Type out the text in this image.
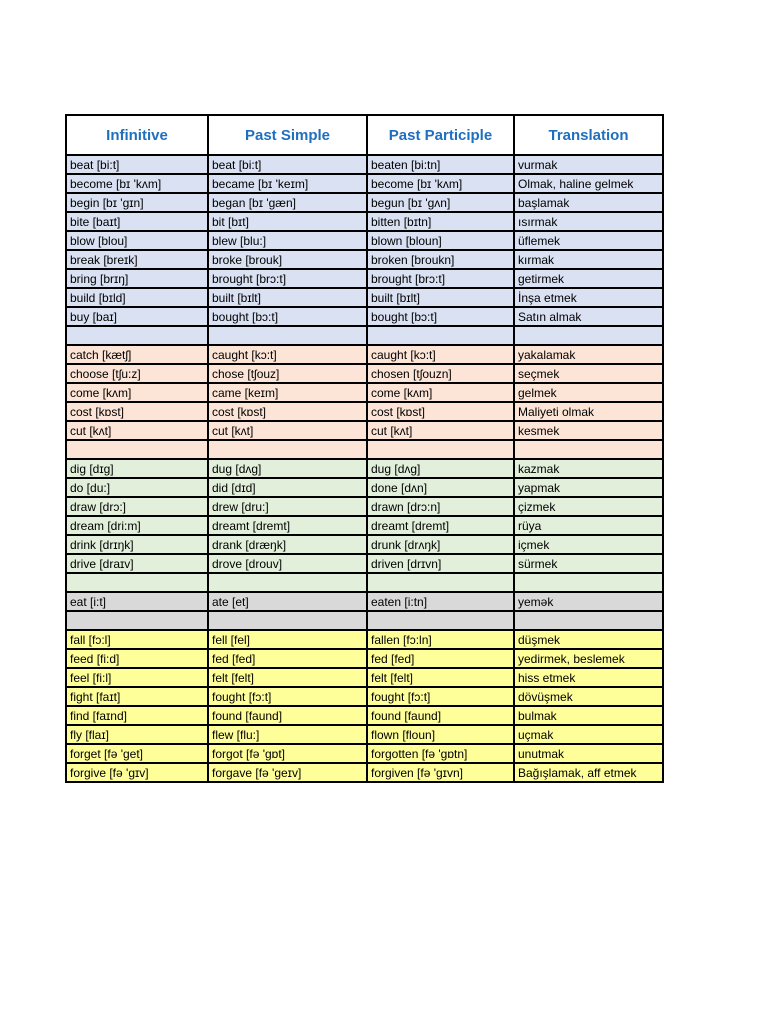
Infinitive	Past Simple	Past Participle	Translation
beat [bi:t]	beat [bi:t]	beaten [bi:tn]	vurmak
become [bɪ 'kʌm]	became [bɪ 'keɪm]	become [bɪ 'kʌm]	Olmak, haline gelmek
begin [bɪ 'gɪn]	began [bɪ 'gæn]	begun [bɪ 'gʌn]	başlamak
bite [baɪt]	bit [bɪt]	bitten [bɪtn]	ısırmak
blow [blou]	blew [blu:]	blown [bloun]	üflemek
break [breɪk]	broke [brouk]	broken [broukn]	kırmak
bring [brɪŋ]	brought [brɔ:t]	brought [brɔ:t]	getirmek
build [bɪld]	built [bɪlt]	built [bɪlt]	İnşa etmek
buy [baɪ]	bought [bɔ:t]	bought [bɔ:t]	Satın almak

catch [kætʃ]	caught [kɔ:t]	caught [kɔ:t]	yakalamak
choose [tʃu:z]	chose [tʃouz]	chosen [tʃouzn]	seçmek
come [kʌm]	came [keɪm]	come [kʌm]	gelmek
cost [kɒst]	cost [kɒst]	cost [kɒst]	Maliyeti olmak
cut [kʌt]	cut [kʌt]	cut [kʌt]	kesmek

dig [dɪg]	dug [dʌg]	dug [dʌg]	kazmak
do [du:]	did [dɪd]	done [dʌn]	yapmak
draw [drɔ:]	drew [dru:]	drawn [drɔ:n]	çizmek
dream [dri:m]	dreamt [dremt]	dreamt [dremt]	rüya
drink [drɪŋk]	drank [dræŋk]	drunk [drʌŋk]	içmek
drive [draɪv]	drove [drouv]	driven [drɪvn]	sürmek

eat [i:t]	ate [et]	eaten [i:tn]	yemək

fall [fɔ:l]	fell [fel]	fallen [fɔ:ln]	düşmek
feed [fi:d]	fed [fed]	fed [fed]	yedirmek, beslemek
feel [fi:l]	felt [felt]	felt [felt]	hiss etmek
fight [faɪt]	fought [fɔ:t]	fought [fɔ:t]	dövüşmek
find [faɪnd]	found [faund]	found [faund]	bulmak
fly [flaɪ]	flew [flu:]	flown [floun]	uçmak
forget [fə 'get]	forgot [fə 'gɒt]	forgotten [fə 'gɒtn]	unutmak
forgive [fə 'gɪv]	forgave [fə 'geɪv]	forgiven [fə 'gɪvn]	Bağışlamak, aff etmek
